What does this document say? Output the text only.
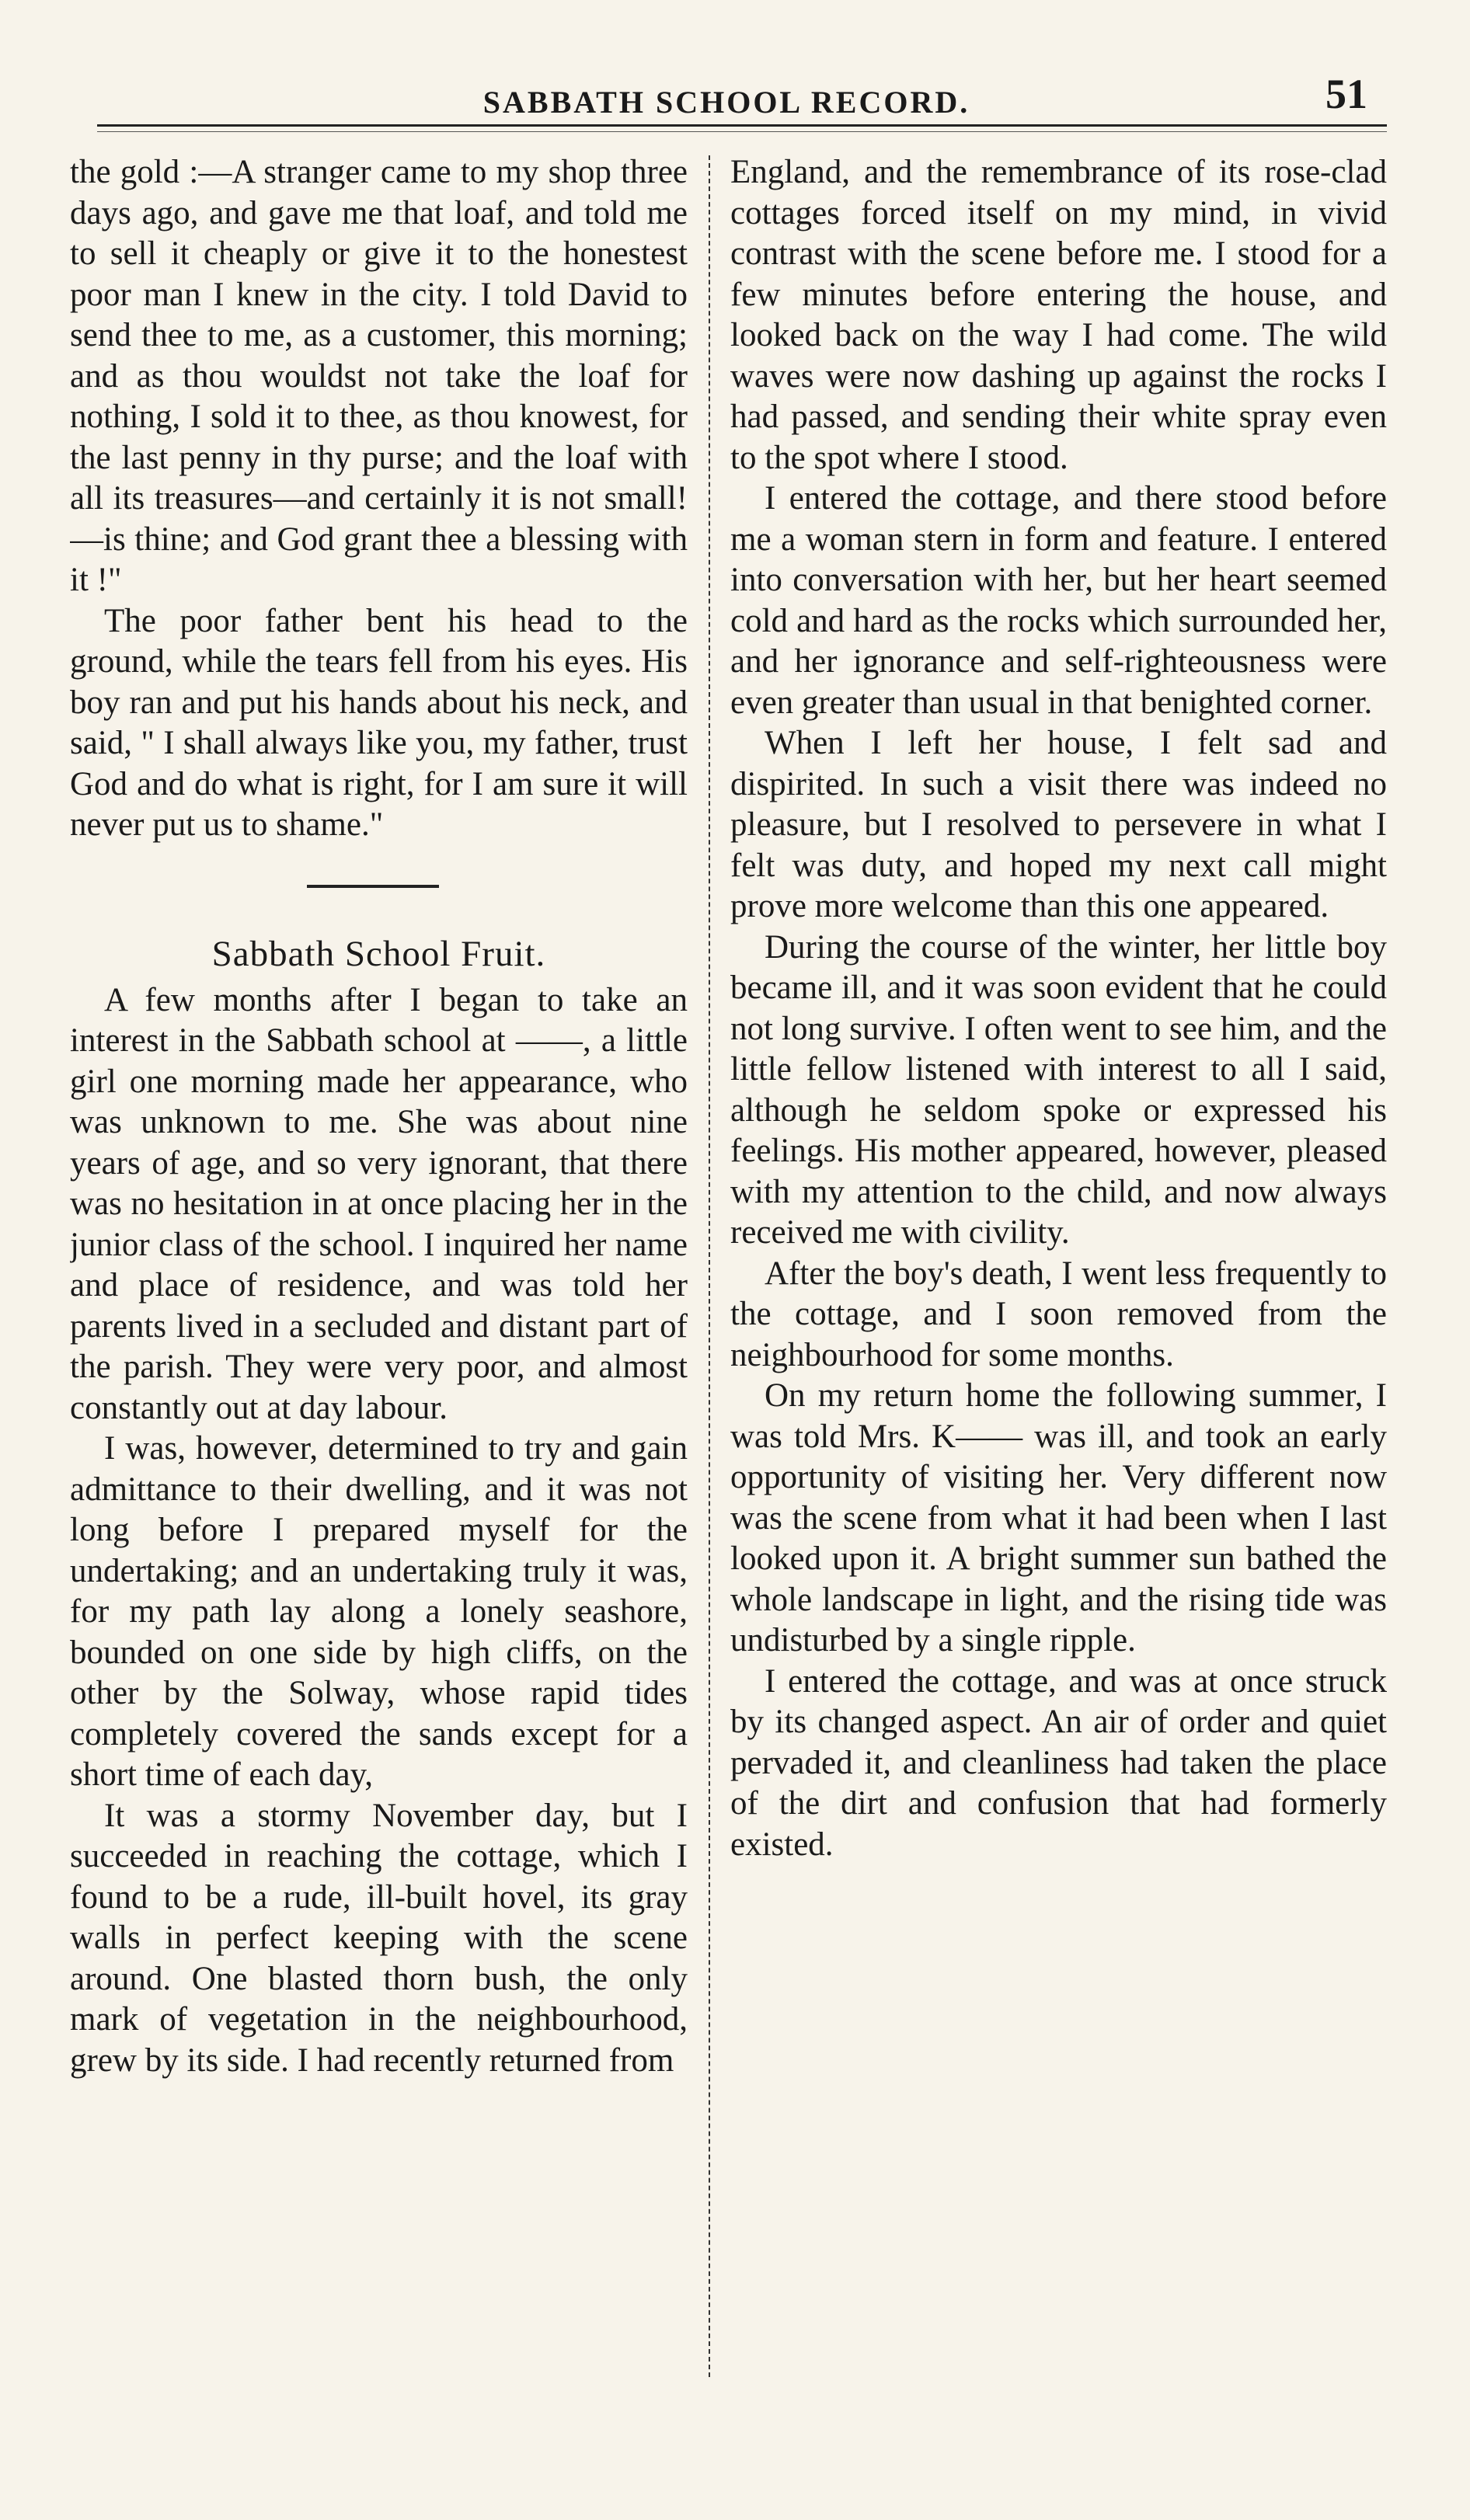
SABBATH SCHOOL RECORD.	51

the gold :—A stranger came to my shop three days ago, and gave me that loaf, and told me to sell it cheaply or give it to the honestest poor man I knew in the city. I told David to send thee to me, as a customer, this morning; and as thou wouldst not take the loaf for nothing, I sold it to thee, as thou knowest, for the last penny in thy purse; and the loaf with all its treasures—and certainly it is not small!—is thine; and God grant thee a blessing with it !"

The poor father bent his head to the ground, while the tears fell from his eyes. His boy ran and put his hands about his neck, and said, " I shall always like you, my father, trust God and do what is right, for I am sure it will never put us to shame."

Sabbath School Fruit.

A few months after I began to take an interest in the Sabbath school at ——, a little girl one morning made her appearance, who was unknown to me. She was about nine years of age, and so very ignorant, that there was no hesitation in at once placing her in the junior class of the school. I inquired her name and place of residence, and was told her parents lived in a secluded and distant part of the parish. They were very poor, and almost constantly out at day labour.

I was, however, determined to try and gain admittance to their dwelling, and it was not long before I prepared myself for the undertaking; and an undertaking truly it was, for my path lay along a lonely seashore, bounded on one side by high cliffs, on the other by the Solway, whose rapid tides completely covered the sands except for a short time of each day,

It was a stormy November day, but I succeeded in reaching the cottage, which I found to be a rude, ill-built hovel, its gray walls in perfect keeping with the scene around. One blasted thorn bush, the only mark of vegetation in the neighbourhood, grew by its side. I had recently returned from

England, and the remembrance of its rose-clad cottages forced itself on my mind, in vivid contrast with the scene before me. I stood for a few minutes before entering the house, and looked back on the way I had come. The wild waves were now dashing up against the rocks I had passed, and sending their white spray even to the spot where I stood.

I entered the cottage, and there stood before me a woman stern in form and feature. I entered into conversation with her, but her heart seemed cold and hard as the rocks which surrounded her, and her ignorance and self-righteousness were even greater than usual in that benighted corner.

When I left her house, I felt sad and dispirited. In such a visit there was indeed no pleasure, but I resolved to persevere in what I felt was duty, and hoped my next call might prove more welcome than this one appeared.

During the course of the winter, her little boy became ill, and it was soon evident that he could not long survive. I often went to see him, and the little fellow listened with interest to all I said, although he seldom spoke or expressed his feelings. His mother appeared, however, pleased with my attention to the child, and now always received me with civility.

After the boy's death, I went less frequently to the cottage, and I soon removed from the neighbourhood for some months.

On my return home the following summer, I was told Mrs. K—— was ill, and took an early opportunity of visiting her. Very different now was the scene from what it had been when I last looked upon it. A bright summer sun bathed the whole landscape in light, and the rising tide was undisturbed by a single ripple.

I entered the cottage, and was at once struck by its changed aspect. An air of order and quiet pervaded it, and cleanliness had taken the place of the dirt and confusion that had formerly existed.
